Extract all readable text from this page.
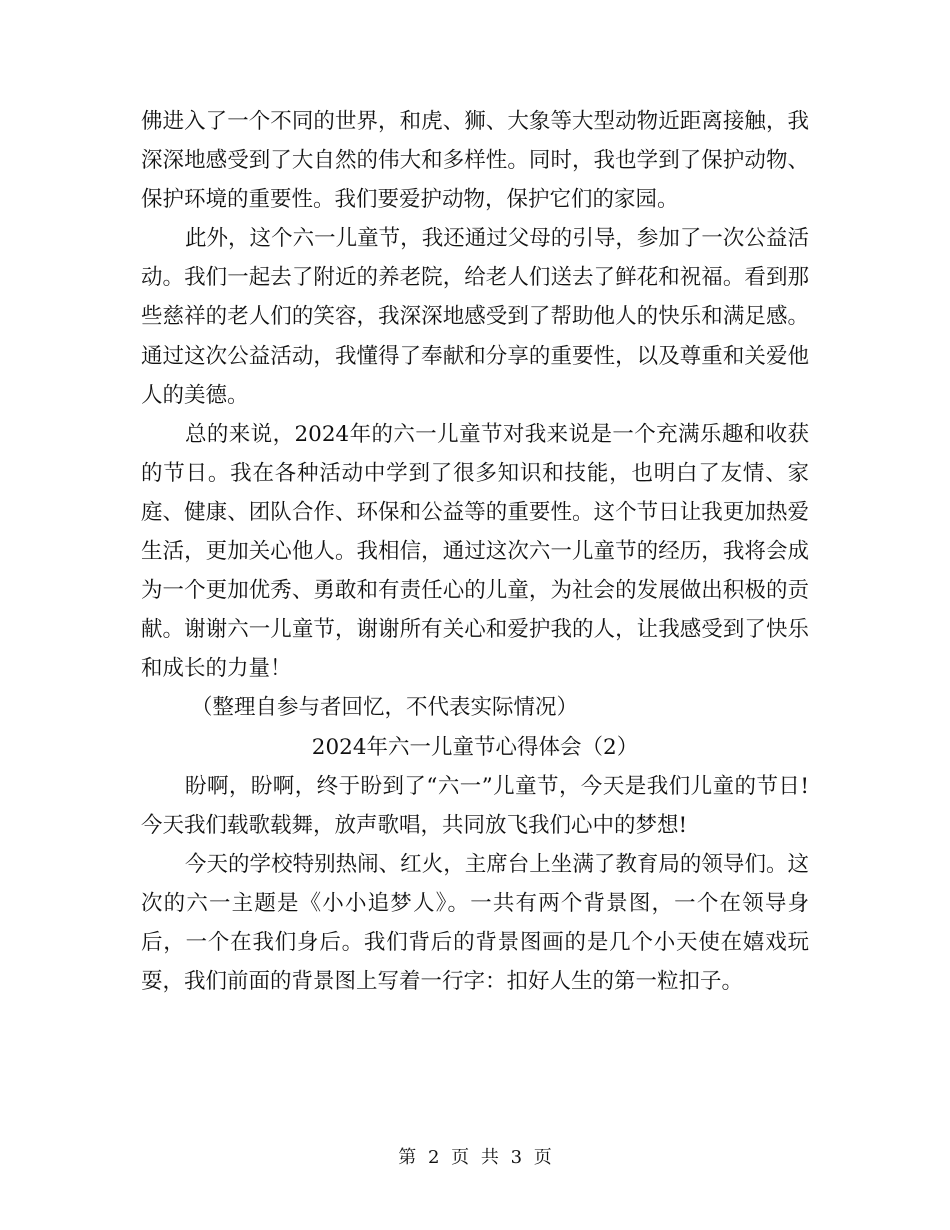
佛进入了一个不同的世界，和虎、狮、大象等大型动物近距离接触，我深深地感受到了大自然的伟大和多样性。同时，我也学到了保护动物、保护环境的重要性。我们要爱护动物，保护它们的家园。

此外，这个六一儿童节，我还通过父母的引导，参加了一次公益活动。我们一起去了附近的养老院，给老人们送去了鲜花和祝福。看到那些慈祥的老人们的笑容，我深深地感受到了帮助他人的快乐和满足感。通过这次公益活动，我懂得了奉献和分享的重要性，以及尊重和关爱他人的美德。

总的来说，2024年的六一儿童节对我来说是一个充满乐趣和收获的节日。我在各种活动中学到了很多知识和技能，也明白了友情、家庭、健康、团队合作、环保和公益等的重要性。这个节日让我更加热爱生活，更加关心他人。我相信，通过这次六一儿童节的经历，我将会成为一个更加优秀、勇敢和有责任心的儿童，为社会的发展做出积极的贡献。谢谢六一儿童节，谢谢所有关心和爱护我的人，让我感受到了快乐和成长的力量！

（整理自参与者回忆，不代表实际情况）

2024年六一儿童节心得体会（2）

盼啊，盼啊，终于盼到了“六一”儿童节，今天是我们儿童的节日!今天我们载歌载舞，放声歌唱，共同放飞我们心中的梦想!

今天的学校特别热闹、红火，主席台上坐满了教育局的领导们。这次的六一主题是《小小追梦人》。一共有两个背景图，一个在领导身后，一个在我们身后。我们背后的背景图画的是几个小天使在嬉戏玩耍，我们前面的背景图上写着一行字：扣好人生的第一粒扣子。

第 2 页 共 3 页
